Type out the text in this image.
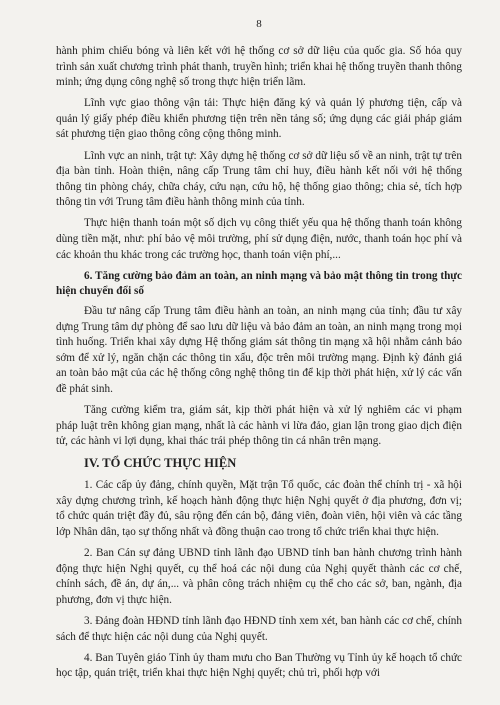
8

hành phim chiếu bóng và liên kết với hệ thống cơ sở dữ liệu của quốc gia. Số hóa quy trình sản xuất chương trình phát thanh, truyền hình; triển khai hệ thống truyền thanh thông minh; ứng dụng công nghệ số trong thực hiện triển lãm.

Lĩnh vực giao thông vận tải: Thực hiện đăng ký và quản lý phương tiện, cấp và quản lý giấy phép điều khiển phương tiện trên nền tảng số; ứng dụng các giải pháp giám sát phương tiện giao thông công cộng thông minh.

Lĩnh vực an ninh, trật tự: Xây dựng hệ thống cơ sở dữ liệu số về an ninh, trật tự trên địa bàn tỉnh. Hoàn thiện, nâng cấp Trung tâm chỉ huy, điều hành kết nối với hệ thống thông tin phòng cháy, chữa cháy, cứu nạn, cứu hộ, hệ thống giao thông; chia sẻ, tích hợp thông tin với Trung tâm điều hành thông minh của tỉnh.

Thực hiện thanh toán một số dịch vụ công thiết yếu qua hệ thống thanh toán không dùng tiền mặt, như: phí bảo vệ môi trường, phí sử dụng điện, nước, thanh toán học phí và các khoản thu khác trong các trường học, thanh toán viện phí,...

6. Tăng cường bảo đảm an toàn, an ninh mạng và bảo mật thông tin trong thực hiện chuyển đổi số

Đầu tư nâng cấp Trung tâm điều hành an toàn, an ninh mạng của tỉnh; đầu tư xây dựng Trung tâm dự phòng để sao lưu dữ liệu và bảo đảm an toàn, an ninh mạng trong mọi tình huống. Triển khai xây dựng Hệ thống giám sát thông tin mạng xã hội nhằm cảnh báo sớm để xử lý, ngăn chặn các thông tin xấu, độc trên môi trường mạng. Định kỳ đánh giá an toàn bảo mật của các hệ thống công nghệ thông tin để kịp thời phát hiện, xử lý các vấn đề phát sinh.

Tăng cường kiểm tra, giám sát, kịp thời phát hiện và xử lý nghiêm các vi phạm pháp luật trên không gian mạng, nhất là các hành vi lừa đảo, gian lận trong giao dịch điện tử, các hành vi lợi dụng, khai thác trái phép thông tin cá nhân trên mạng.

IV. TỔ CHỨC THỰC HIỆN

1. Các cấp ủy đảng, chính quyền, Mặt trận Tổ quốc, các đoàn thể chính trị - xã hội xây dựng chương trình, kế hoạch hành động thực hiện Nghị quyết ở địa phương, đơn vị; tổ chức quán triệt đầy đủ, sâu rộng đến cán bộ, đảng viên, đoàn viên, hội viên và các tầng lớp Nhân dân, tạo sự thống nhất và đồng thuận cao trong tổ chức triển khai thực hiện.

2. Ban Cán sự đảng UBND tỉnh lãnh đạo UBND tỉnh ban hành chương trình hành động thực hiện Nghị quyết, cụ thể hoá các nội dung của Nghị quyết thành các cơ chế, chính sách, đề án, dự án,... và phân công trách nhiệm cụ thể cho các sở, ban, ngành, địa phương, đơn vị thực hiện.

3. Đảng đoàn HĐND tỉnh lãnh đạo HĐND tỉnh xem xét, ban hành các cơ chế, chính sách để thực hiện các nội dung của Nghị quyết.

4. Ban Tuyên giáo Tỉnh ủy tham mưu cho Ban Thường vụ Tỉnh ủy kế hoạch tổ chức học tập, quán triệt, triển khai thực hiện Nghị quyết; chủ trì, phối hợp với
